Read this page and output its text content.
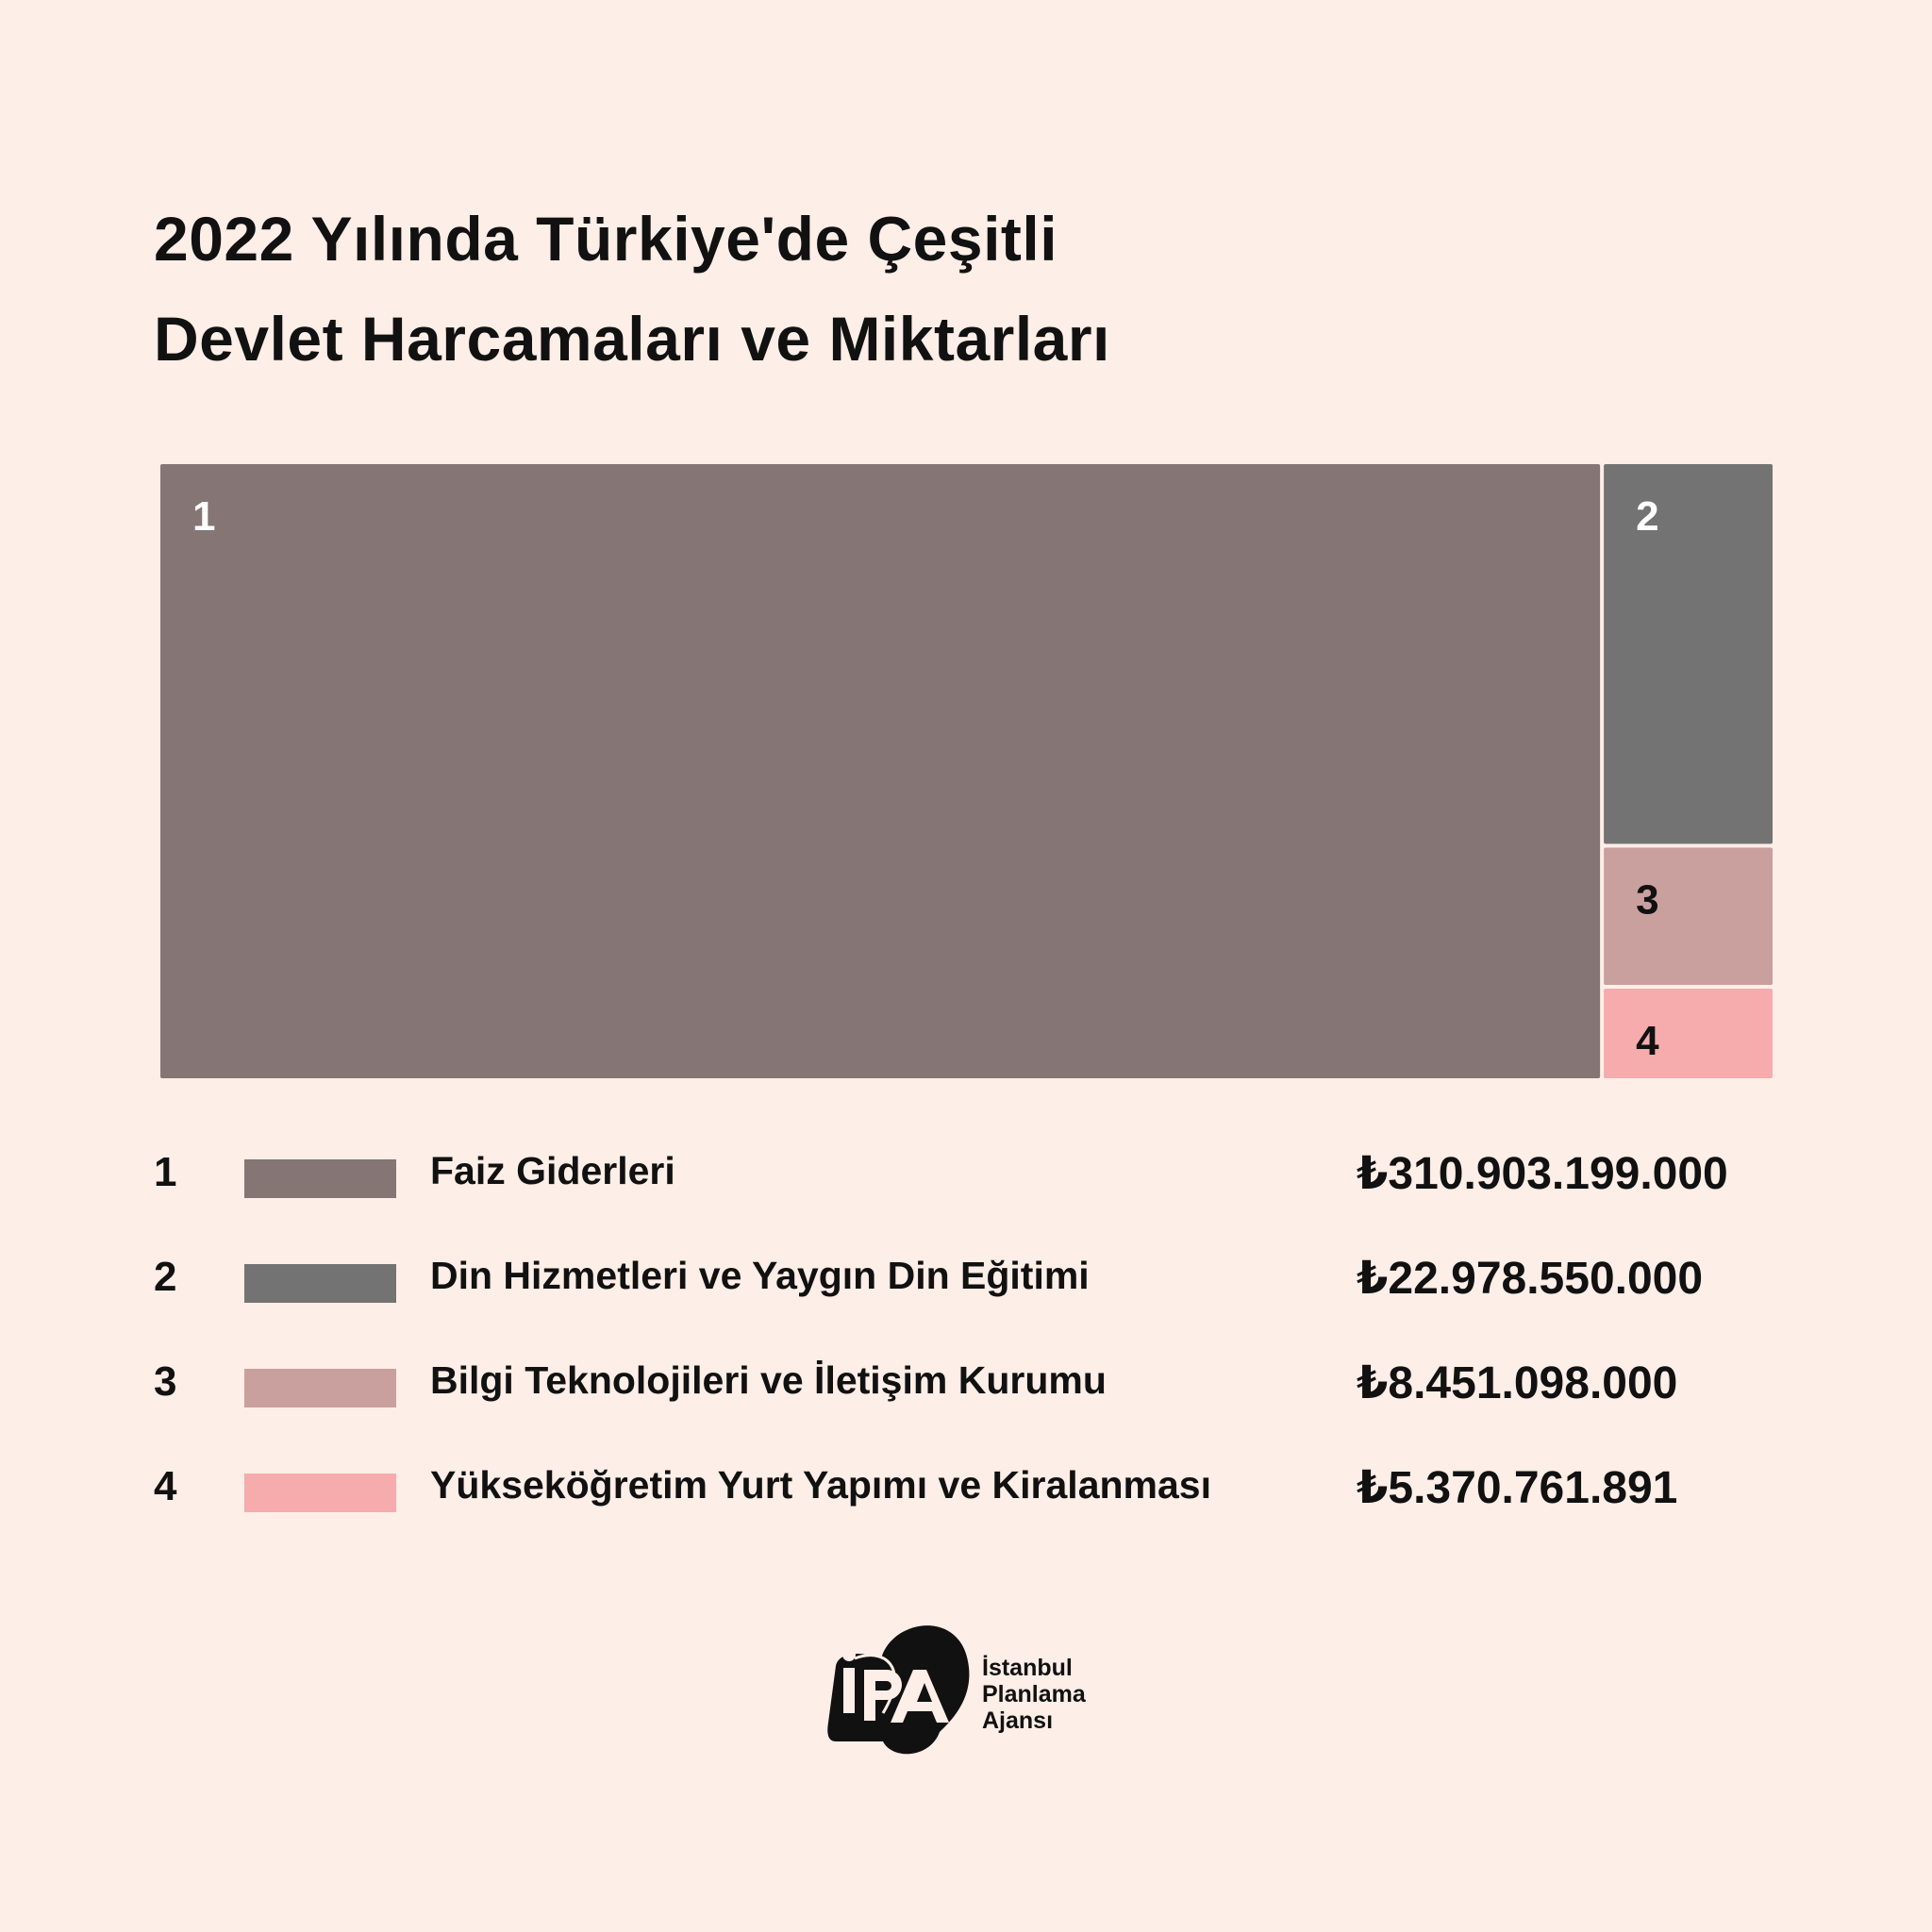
2022 Yılında Türkiye'de Çeşitli
Devlet Harcamaları ve Miktarları
1	2
3
4
1	Faiz Giderleri	₺310.903.199.000
2	Din Hizmetleri ve Yaygın Din Eğitimi	₺22.978.550.000
3	Bilgi Teknolojileri ve İletişim Kurumu	₺8.451.098.000
4	Yükseköğretim Yurt Yapımı ve Kiralanması	₺5.370.761.891
İstanbul
Planlama
Ajansı
